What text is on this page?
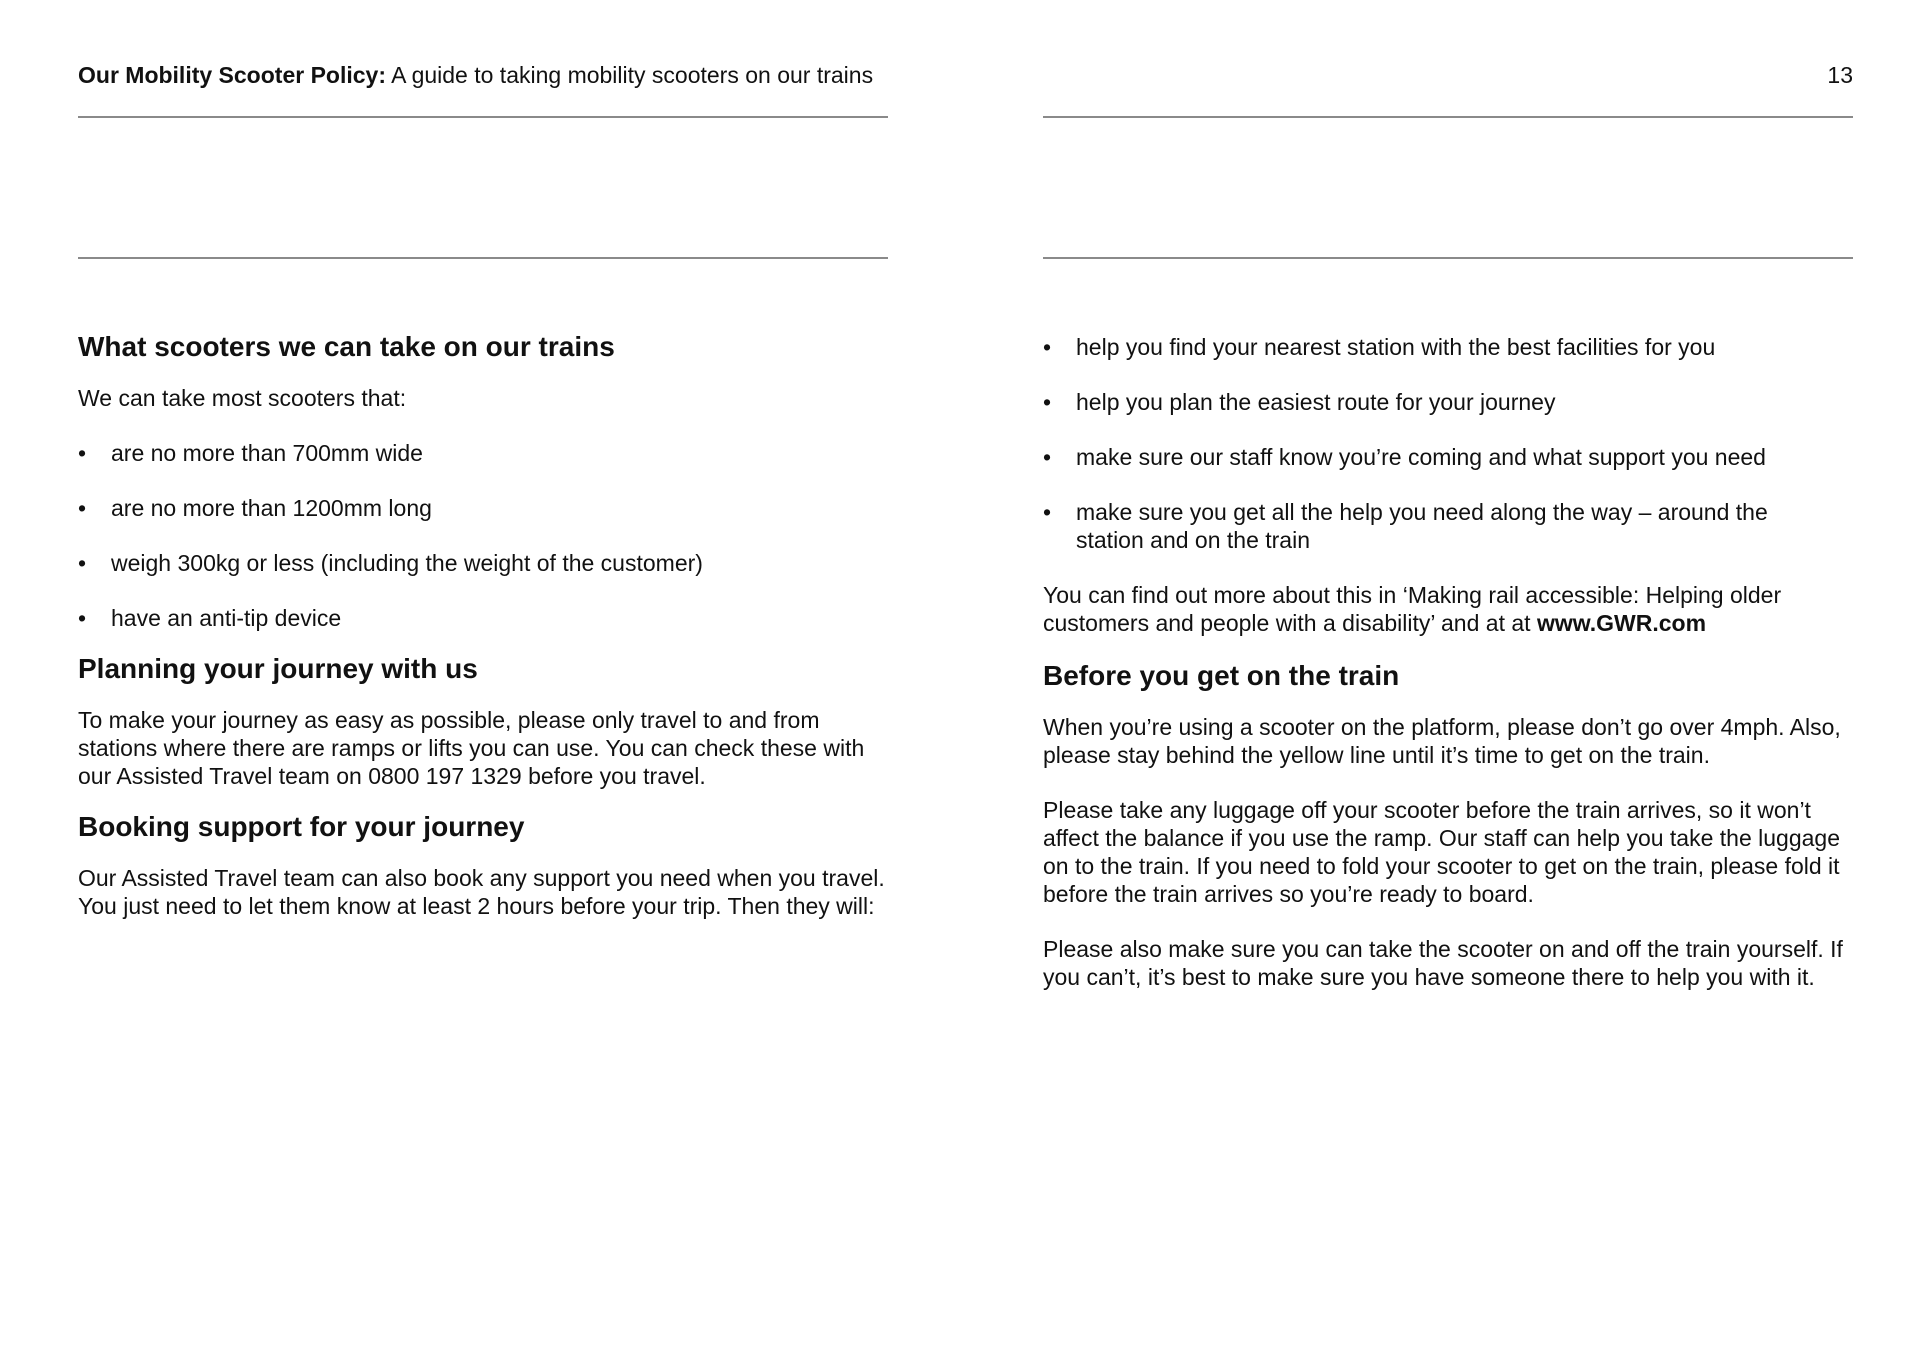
Our Mobility Scooter Policy: A guide to taking mobility scooters on our trains
What scooters we can take on our trains

We can take most scooters that:

• are no more than 700mm wide
• are no more than 1200mm long
• weigh 300kg or less (including the weight of the customer)
• have an anti-tip device
Planning your journey with us

To make your journey as easy as possible, please only travel to and from stations where there are ramps or lifts you can use. You can check these with our Assisted Travel team on 0800 197 1329 before you travel.

Booking support for your journey

Our Assisted Travel team can also book any support you need when you travel. You just need to let them know at least 2 hours before your trip. Then they will:

13
• help you find your nearest station with the best facilities for you
• help you plan the easiest route for your journey
• make sure our staff know you’re coming and what support you need
• make sure you get all the help you need along the way – around the station and on the train

You can find out more about this in ‘Making rail accessible: Helping older customers and people with a disability’ and at at www.GWR.com

Before you get on the train

When you’re using a scooter on the platform, please don’t go over 4mph. Also, please stay behind the yellow line until it’s time to get on the train.

Please take any luggage off your scooter before the train arrives, so it won’t affect the balance if you use the ramp. Our staff can help you take the luggage on to the train. If you need to fold your scooter to get on the train, please fold it before the train arrives so you’re ready to board.

Please also make sure you can take the scooter on and off the train yourself. If you can’t, it’s best to make sure you have someone there to help you with it.
